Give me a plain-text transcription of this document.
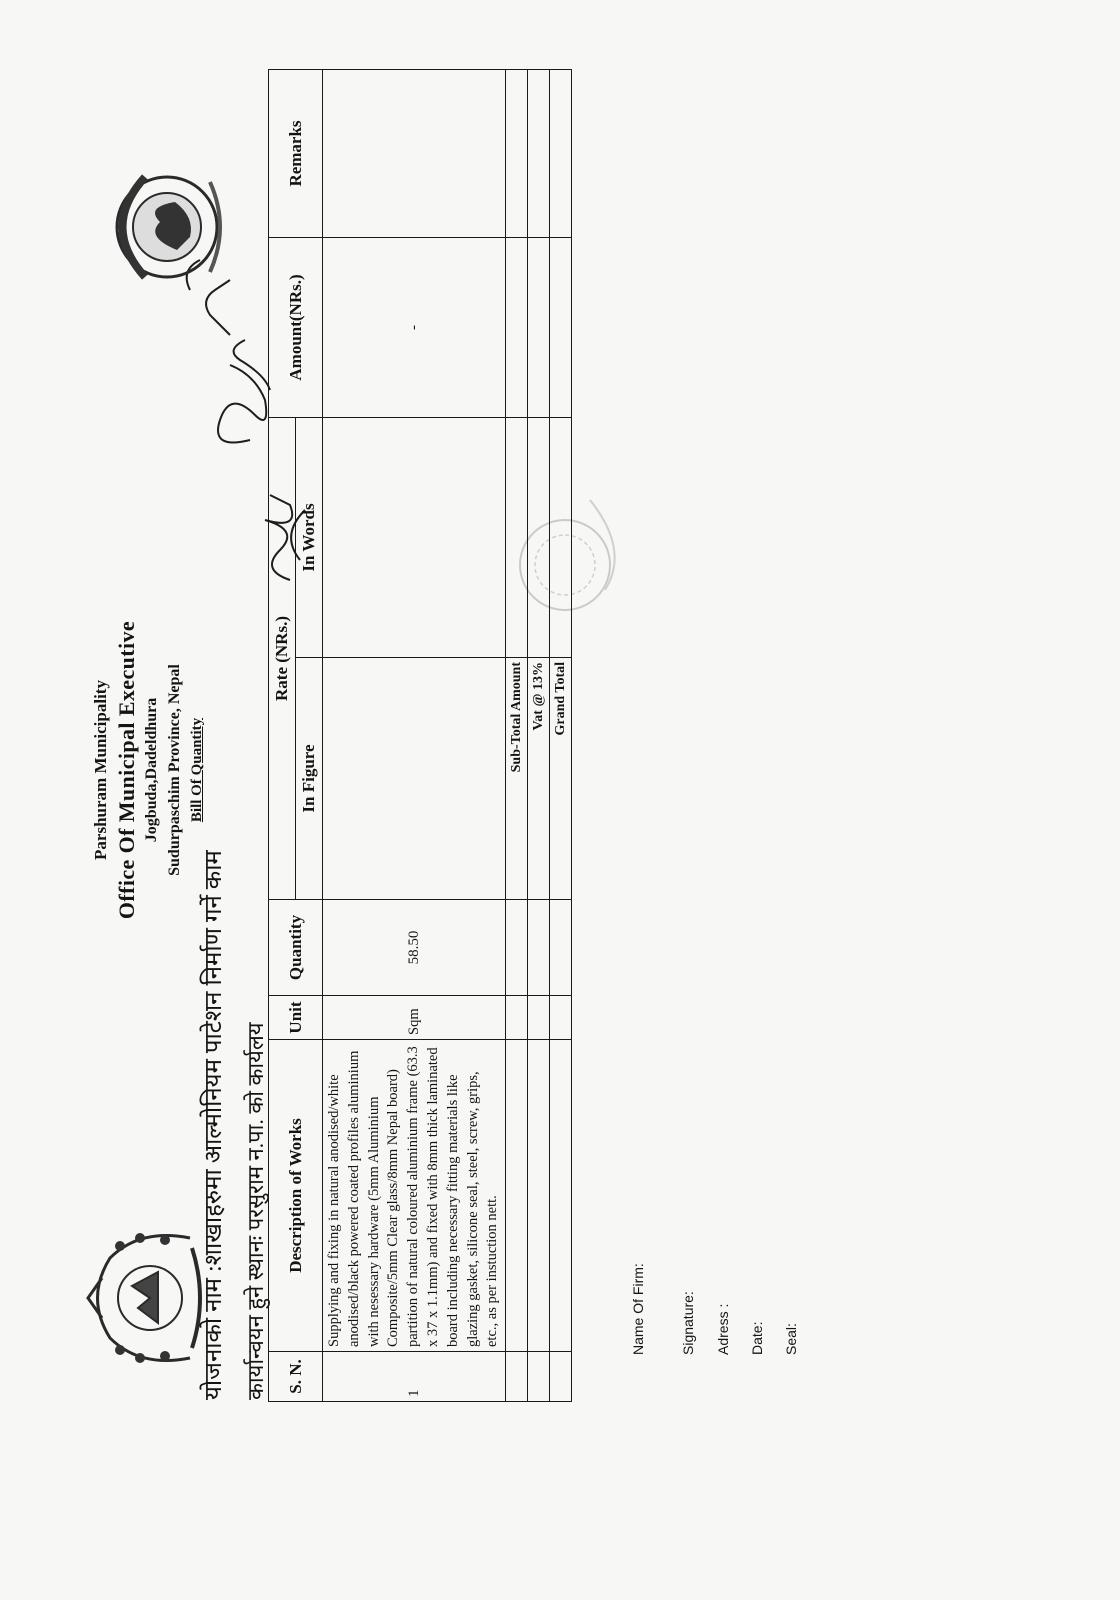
Parshuram Municipality Office Of Municipal Executive Jogbuda,Dadeldhura Sudurpaschim Province, Nepal Bill Of Quantity
योजनाको नाम :शाखाहरुमा आल्मोनियम पाटेशन निर्माण गर्ने काम कार्यान्वयन हुने स्थानः परसुराम न.पा. को कार्यलय S. N.	Description of Works	Unit	Quantity	Rate (NRs.)		Amount(NRs.)	Remarks
				In Figure	In Words		
1	Supplying and fixing in natural anodised/white anodised/black powered coated profiles aluminium with nesessary hardware (5mm Aluminium Composite/5mm Clear glass/8mm Nepal board) partition of natural coloured aluminium frame (63.3 x 37 x 1.1mm) and fixed with 8mm thick laminated board including necessary fitting materials like glazing gasket, silicone seal, steel, screw, grips, etc., as per instuction nett.	Sqm	58.50			-	
				Sub-Total Amount			
				Vat @ 13%			
				Grand Total			
Name Of Firm: Signature: Adress : Date: Seal:
